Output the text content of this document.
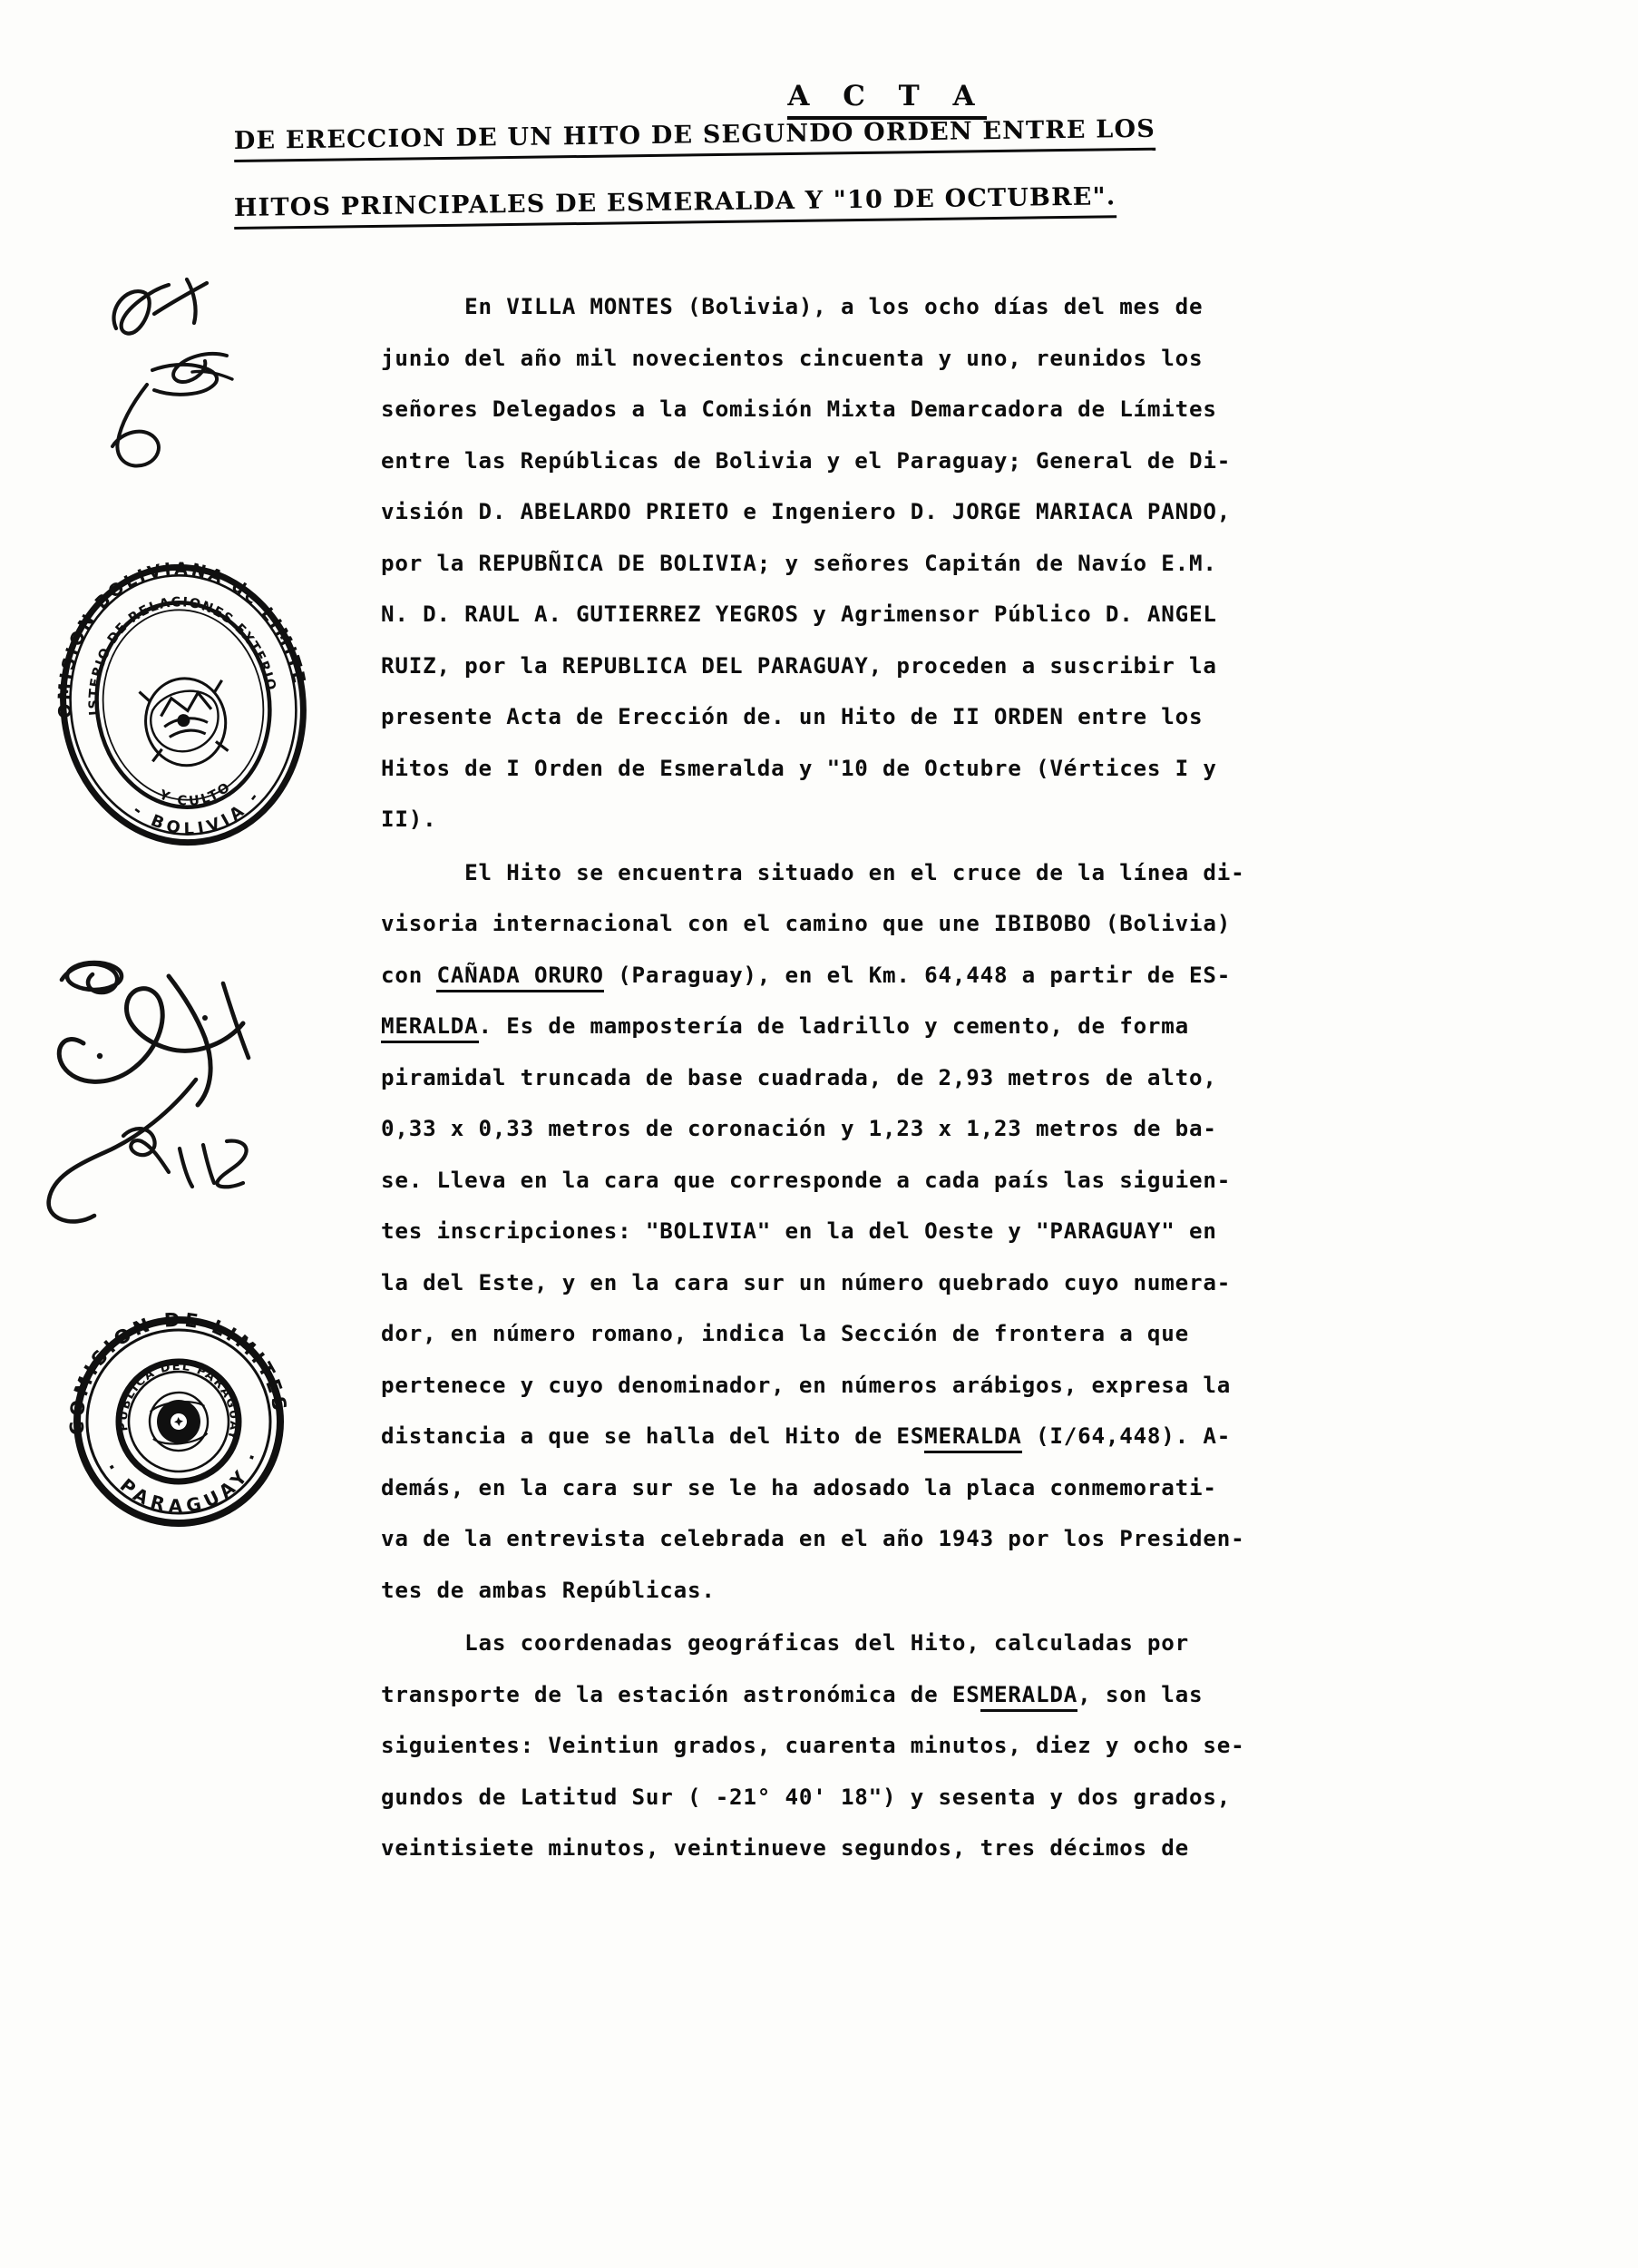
A C T A
DE ERECCION DE UN HITO DE SEGUNDO ORDEN ENTRE LOS
HITOS PRINCIPALES DE ESMERALDA Y "10 DE OCTUBRE".
En VILLA MONTES (Bolivia), a los ocho días del mes de
junio del año mil novecientos cincuenta y uno, reunidos los
señores Delegados a la Comisión Mixta Demarcadora de Límites
entre las Repúblicas de Bolivia y el Paraguay; General de Di-
visión D. ABELARDO PRIETO e Ingeniero D. JORGE MARIACA PANDO,
por la REPUBÑICA DE BOLIVIA; y señores Capitán de Navío E.M.
N. D. RAUL A. GUTIERREZ YEGROS y Agrimensor Público D. ANGEL
RUIZ, por la REPUBLICA DEL PARAGUAY, proceden a suscribir la
presente Acta de Erección de. un Hito de II ORDEN entre los
Hitos de I Orden de Esmeralda y "10 de Octubre (Vértices I y
II).
El Hito se encuentra situado en el cruce de la línea di-
visoria internacional con el camino que une IBIBOBO (Bolivia)
con CAÑADA ORURO (Paraguay), en el Km. 64,448 a partir de ES-
MERALDA. Es de mampostería de ladrillo y cemento, de forma
piramidal truncada de base cuadrada, de 2,93 metros de alto,
0,33 x 0,33 metros de coronación y 1,23 x 1,23 metros de ba-
se. Lleva en la cara que corresponde a cada país las siguien-
tes inscripciones: "BOLIVIA" en la del Oeste y "PARAGUAY" en
la del Este, y en la cara sur un número quebrado cuyo numera-
dor, en número romano, indica la Sección de frontera a que
pertenece y cuyo denominador, en números arábigos, expresa la
distancia a que se halla del Hito de ESMERALDA (I/64,448). A-
demás, en la cara sur se le ha adosado la placa conmemorati-
va de la entrevista celebrada en el año 1943 por los Presiden-
tes de ambas Repúblicas.
Las coordenadas geográficas del Hito, calculadas por
transporte de la estación astronómica de ESMERALDA, son las
siguientes: Veintiun grados, cuarenta minutos, diez y ocho se-
gundos de Latitud Sur ( -21° 40' 18") y sesenta y dos grados,
veintisiete minutos, veintinueve segundos, tres décimos de
COMISION BOLIVIANA de LIMITES
- BOLIVIA -
MINISTERIO DE RELACIONES EXTERIORES
Y CULTO
COMISION DE LIMITES
· PARAGUAY ·
REPUBLICA DEL PARAGUAY
